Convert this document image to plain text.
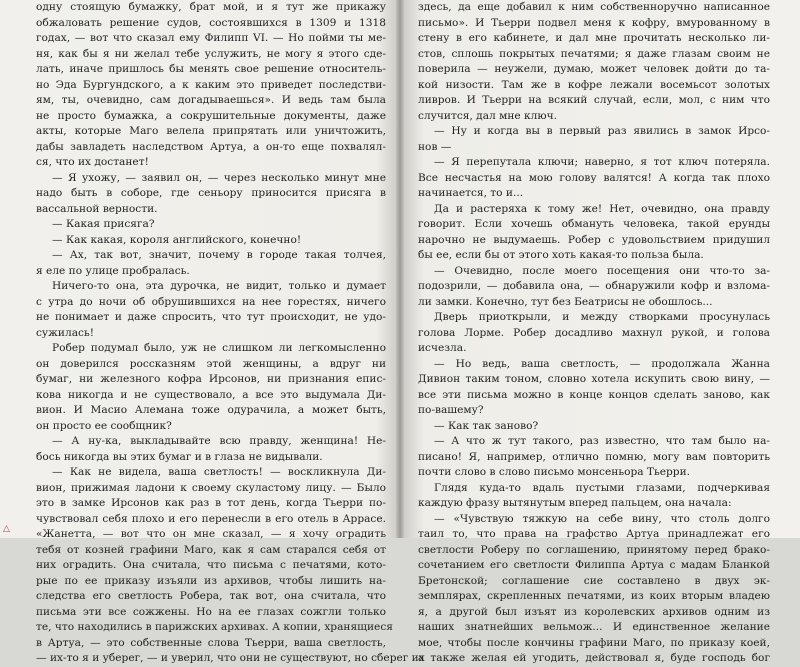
одну стоящую бумажку, брат мой, и я тут же прикажу

обжаловать решение судов, состоявшихся в 1309 и 1318

годах, — вот что сказал ему Филипп VI. — Но пойми ты ме-

ня, как бы я ни желал тебе услужить, не могу я этого сде-

лать, иначе пришлось бы менять свое решение относитель-

но Эда Бургундского, а к каким это приведет последстви-

ям, ты, очевидно, сам догадываешься». И ведь там была

не просто бумажка, а сокрушительные документы, даже

акты, которые Маго велела припрятать или уничтожить,

дабы завладеть наследством Артуа, а он-то еще похвалял-

ся, что их достанет!

— Я ухожу, — заявил он, — через несколько минут мне

надо быть в соборе, где сеньору приносится присяга в

вассальной верности.

— Какая присяга?

— Как какая, короля английского, конечно!

— Ах, так вот, значит, почему в городе такая толчея,

я еле по улице пробралась.

Ничего-то она, эта дурочка, не видит, только и думает

с утра до ночи об обрушившихся на нее горестях, ничего

не понимает и даже спросить, что тут происходит, не удо-

сужилась!

Робер подумал было, уж не слишком ли легкомысленно

он доверился россказням этой женщины, а вдруг ни

бумаг, ни железного кофра Ирсонов, ни признания епис-

кова никогда и не существовало, а все это выдумала Ди-

вион. И Масио Алемана тоже одурачила, а может быть,

он просто ее сообщник?

— А ну-ка, выкладывайте всю правду, женщина! Не-

бось никогда вы этих бумаг и в глаза не видывали.

— Как не видела, ваша светлость! — воскликнула Ди-

вион, прижимая ладони к своему скуластому лицу. — Было

это в замке Ирсонов как раз в тот день, когда Тьерри по-

чувствовал себя плохо и его перенесли в его отель в Аррасе.

«Жанетта, — вот что он мне сказал, — я хочу оградить

тебя от козней графини Маго, как я сам старался себя от

них оградить. Она считала, что письма с печатями, кото-

рые по ее приказу изъяли из архивов, чтобы лишить на-

следства его светлость Робера, так вот, она считала, что

письма эти все сожжены. Но на ее глазах сожгли только

те, что находились в парижских архивах. А копии, хранящиеся

в Артуа, — это собственные слова Тьерри, ваша светлость,

— их-то я и уберег, — и уверил, что они не существуют, но сберег их

здесь, да еще добавил к ним собственноручно написанное

письмо». И Тьерри подвел меня к кофру, вмурованному в

стену в его кабинете, и дал мне прочитать несколько ли-

стов, сплошь покрытых печатями; я даже глазам своим не

поверила — неужели, думаю, может человек дойти до та-

кой низости. Там же в кофре лежали восемьсот золотых

ливров. И Тьерри на всякий случай, если, мол, с ним что

случится, дал мне ключ.

— Ну и когда вы в первый раз явились в замок Ирсо-

нов —

— Я перепутала ключи; наверно, я тот ключ потеряла.

Все несчастья на мою голову валятся! А когда так плохо

начинается, то и...

Да и растеряха к тому же! Нет, очевидно, она правду

говорит. Если хочешь обмануть человека, такой ерунды

нарочно не выдумаешь. Робер с удовольствием придушил

бы ее, если бы от этого хоть какая-то польза была.

— Очевидно, после моего посещения они что-то за-

подозрили, — добавила она, — обнаружили кофр и взлома-

ли замки. Конечно, тут без Беатрисы не обошлось...

Дверь приоткрыли, и между створками просунулась

голова Лорме. Робер досадливо махнул рукой, и голова

исчезла.

— Но ведь, ваша светлость, — продолжала Жанна

Дивион таким тоном, словно хотела искупить свою вину, —

все эти письма можно в конце концов сделать заново, как

по-вашему?

— Как так заново?

— А что ж тут такого, раз известно, что там было на-

писано! Я, например, отлично помню, могу вам повторить

почти слово в слово письмо монсеньора Тьерри.

Глядя куда-то вдаль пустыми глазами, подчеркивая

каждую фразу вытянутым вперед пальцем, она начала:

— «Чувствую тяжкую на себе вину, что столь долго

таил то, что права на графство Артуа принадлежат его

светлости Роберу по соглашению, принятому перед брако-

сочетанием его светлости Филиппа Артуа с мадам Бланкой

Бретонской; соглашение сие составлено в двух эк-

земплярах, скрепленных печатями, из коих вторым владею

я, а другой был изъят из королевских архивов одним из

наших знатнейших вельмож... И единственное желание

мое, чтобы после кончины графини Маго, по приказу коей,

а также желая ей угодить, действовал я, буде господь бог

△
